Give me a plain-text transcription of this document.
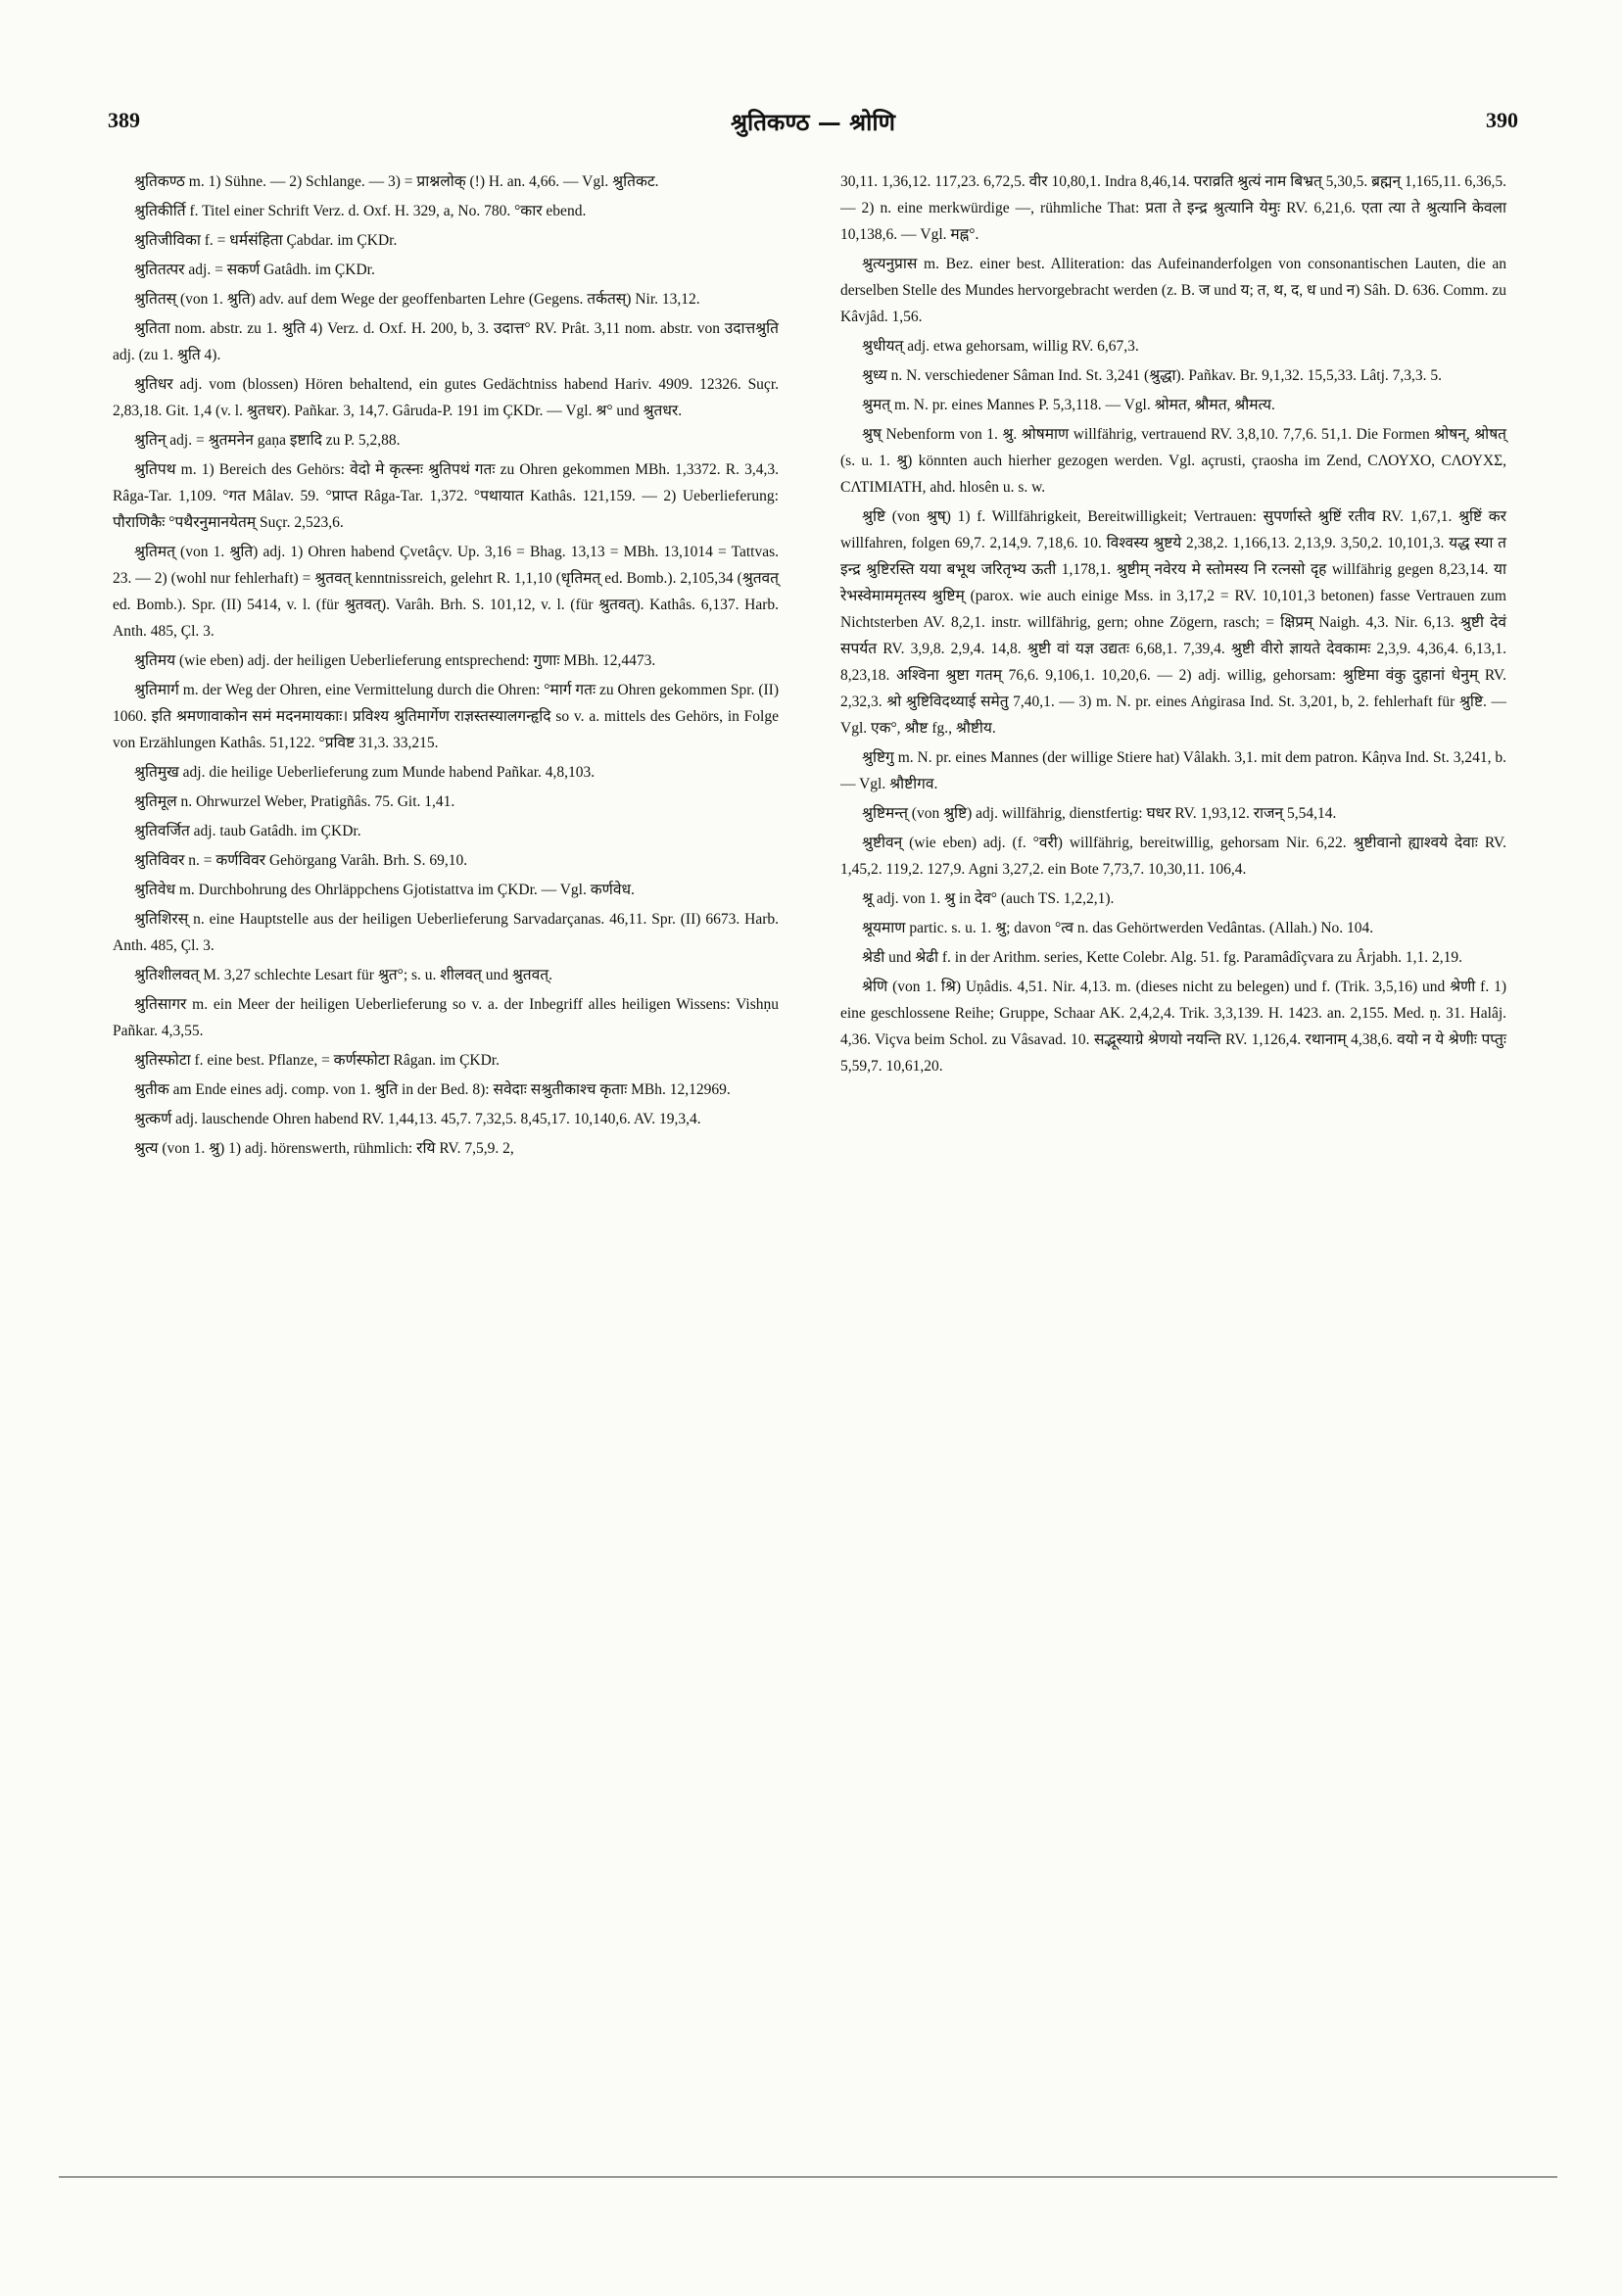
389	श्रुतिकण्ठ — श्रोणि	390

श्रुतिकण्ठ m. 1) Sühne. — 2) Schlange. — 3) = प्राश्नलोक् (!) H. an. 4,66. — Vgl. श्रुतिकट.

श्रुतिकीर्ति f. Titel einer Schrift Verz. d. Oxf. H. 329, a, No. 780. °कार ebend.

श्रुतिजीविका f. = धर्मसंहिता Çabdar. im ÇKDr.

श्रुतितत्पर adj. = सकर्ण Gatâdh. im ÇKDr.

श्रुतितस् (von 1. श्रुति) adv. auf dem Wege der geoffenbarten Lehre (Gegens. तर्कतस्) Nir. 13,12.

श्रुतिता nom. abstr. zu 1. श्रुति 4) Verz. d. Oxf. H. 200, b, 3. उदात्त° RV. Prât. 3,11 nom. abstr. von उदात्तश्रुति adj. (zu 1. श्रुति 4).

श्रुतिधर adj. vom (blossen) Hören behaltend, ein gutes Gedächtniss habend Hariv. 4909. 12326. Suçr. 2,83,18. Git. 1,4 (v. l. श्रुतधर). Pañkar. 3, 14,7. Gâruda-P. 191 im ÇKDr. — Vgl. श्र° und श्रुतधर.

श्रुतिन् adj. = श्रुतमनेन gaṇa इष्टादि zu P. 5,2,88.

श्रुतिपथ m. 1) Bereich des Gehörs: वेदो मे कृत्स्नः श्रुतिपथं गतः zu Ohren gekommen MBh. 1,3372. R. 3,4,3. Râga-Tar. 1,109. °गत Mâlav. 59. °प्राप्त Râga-Tar. 1,372. °पथायात Kathâs. 121,159. — 2) Ueberlieferung: पौराणिकैः °पथैरनुमानयेतम् Suçr. 2,523,6.

श्रुतिमत् (von 1. श्रुति) adj. 1) Ohren habend Çvetâçv. Up. 3,16 = Bhag. 13,13 = MBh. 13,1014 = Tattvas. 23. — 2) (wohl nur fehlerhaft) = श्रुतवत् kenntnissreich, gelehrt R. 1,1,10 (धृतिमत् ed. Bomb.). 2,105,34 (श्रुतवत् ed. Bomb.). Spr. (II) 5414, v. l. (für श्रुतवत्). Varâh. Brh. S. 101,12, v. l. (für श्रुतवत्). Kathâs. 6,137. Harb. Anth. 485, Çl. 3.

श्रुतिमय (wie eben) adj. der heiligen Ueberlieferung entsprechend: गुणाः MBh. 12,4473.

श्रुतिमार्ग m. der Weg der Ohren, eine Vermittelung durch die Ohren: °मार्ग गतः zu Ohren gekommen Spr. (II) 1060. इति श्रमणावाकोन समं मदनमायकाः। प्रविश्य श्रुतिमार्गेण राज्ञस्तस्यालगन्हृदि so v. a. mittels des Gehörs, in Folge von Erzählungen Kathâs. 51,122. °प्रविष्ट 31,3. 33,215.

श्रुतिमुख adj. die heilige Ueberlieferung zum Munde habend Pañkar. 4,8,103.

श्रुतिमूल n. Ohrwurzel Weber, Pratigñâs. 75. Git. 1,41.

श्रुतिवर्जित adj. taub Gatâdh. im ÇKDr.

श्रुतिविवर n. = कर्णविवर Gehörgang Varâh. Brh. S. 69,10.

श्रुतिवेध m. Durchbohrung des Ohrläppchens Gjotistattva im ÇKDr. — Vgl. कर्णवेध.

श्रुतिशिरस् n. eine Hauptstelle aus der heiligen Ueberlieferung Sarvadarçanas. 46,11. Spr. (II) 6673. Harb. Anth. 485, Çl. 3.

श्रुतिशीलवत् M. 3,27 schlechte Lesart für श्रुत°; s. u. शीलवत् und श्रुतवत्.

श्रुतिसागर m. ein Meer der heiligen Ueberlieferung so v. a. der Inbegriff alles heiligen Wissens: Vishṇu Pañkar. 4,3,55.

श्रुतिस्फोटा f. eine best. Pflanze, = कर्णस्फोटा Râgan. im ÇKDr.

श्रुतीक am Ende eines adj. comp. von 1. श्रुति in der Bed. 8): सवेदाः सश्रुतीकाश्च कृताः MBh. 12,12969.

श्रुत्कर्ण adj. lauschende Ohren habend RV. 1,44,13. 45,7. 7,32,5. 8,45,17. 10,140,6. AV. 19,3,4.

श्रुत्य (von 1. श्रु) 1) adj. hörenswerth, rühmlich: रयि RV. 7,5,9. 2,

30,11. 1,36,12. 117,23. 6,72,5. वीर 10,80,1. Indra 8,46,14. पराव्रति श्रुत्यं नाम बिभ्रत् 5,30,5. ब्रह्मन् 1,165,11. 6,36,5. — 2) n. eine merkwürdige —, rühmliche That: प्रता ते इन्द्र श्रुत्यानि येमुः RV. 6,21,6. एता त्या ते श्रुत्यानि केवला 10,138,6. — Vgl. मह्न°.

श्रुत्यनुप्रास m. Bez. einer best. Alliteration: das Aufeinanderfolgen von consonantischen Lauten, die an derselben Stelle des Mundes hervorgebracht werden (z. B. ज und य; त, थ, द, ध und न) Sâh. D. 636. Comm. zu Kâvjâd. 1,56.

श्रुधीयत् adj. etwa gehorsam, willig RV. 6,67,3.

श्रुध्य n. N. verschiedener Sâman Ind. St. 3,241 (श्रुद्धा). Pañkav. Br. 9,1,32. 15,5,33. Lâtj. 7,3,3. 5.

श्रुमत् m. N. pr. eines Mannes P. 5,3,118. — Vgl. श्रोमत, श्रौमत, श्रौमत्य.

श्रुष् Nebenform von 1. श्रु. श्रोषमाण willfährig, vertrauend RV. 3,8,10. 7,7,6. 51,1. Die Formen श्रोषन्, श्रोषत् (s. u. 1. श्रु) könnten auch hierher gezogen werden. Vgl. açrusti, çraosha im Zend, ϹΛΟΥΧΟ, ϹΛΟΥΧΣ, ϹΛΤΙΜΙΑΤΗ, ahd. hlosên u. s. w.

श्रुष्टि (von श्रुष्) 1) f. Willfährigkeit, Bereitwilligkeit; Vertrauen: सुपर्णास्ते श्रुष्टिं रतीव RV. 1,67,1. श्रुष्टिं कर willfahren, folgen 69,7. 2,14,9. 7,18,6. 10. विश्वस्य श्रुष्टये 2,38,2. 1,166,13. 2,13,9. 3,50,2. 10,101,3. यद्ध स्या त इन्द्र श्रुष्टिरस्ति यया बभूथ जरितृभ्य ऊती 1,178,1. श्रुष्टीम् नवेरय मे स्तोमस्य नि रत्नसो दृह willfährig gegen 8,23,14. या रेभस्वेमाममृतस्य श्रुष्टिम् (parox. wie auch einige Mss. in 3,17,2 = RV. 10,101,3 betonen) fasse Vertrauen zum Nichtsterben AV. 8,2,1. instr. willfährig, gern; ohne Zögern, rasch; = क्षिप्रम् Naigh. 4,3. Nir. 6,13. श्रुष्टी देवं सपर्यत RV. 3,9,8. 2,9,4. 14,8. श्रुष्टी वां यज्ञ उद्यतः 6,68,1. 7,39,4. श्रुष्टी वीरो ज्ञायते देवकामः 2,3,9. 4,36,4. 6,13,1. 8,23,18. अश्विना श्रुष्टा गतम् 76,6. 9,106,1. 10,20,6. — 2) adj. willig, gehorsam: श्रुष्टिमा वंकु दुहानां धेनुम् RV. 2,32,3. श्रो श्रुष्टिविदथ्याई समेतु 7,40,1. — 3) m. N. pr. eines Aṅgirasa Ind. St. 3,201, b, 2. fehlerhaft für श्रुष्टि. — Vgl. एक°, श्रौष्ट fg., श्रौष्टीय.

श्रुष्टिगु m. N. pr. eines Mannes (der willige Stiere hat) Vâlakh. 3,1. mit dem patron. Kâṇva Ind. St. 3,241, b. — Vgl. श्रौष्टीगव.

श्रुष्टिमन्त् (von श्रुष्टि) adj. willfährig, dienstfertig: घधर RV. 1,93,12. राजन् 5,54,14.

श्रुष्टीवन् (wie eben) adj. (f. °वरी) willfährig, bereitwillig, gehorsam Nir. 6,22. श्रुष्टीवानो ह्याश्वये देवाः RV. 1,45,2. 119,2. 127,9. Agni 3,27,2. ein Bote 7,73,7. 10,30,11. 106,4.

श्रू adj. von 1. श्रु in देव° (auch TS. 1,2,2,1).

श्रूयमाण partic. s. u. 1. श्रु; davon °त्व n. das Gehörtwerden Vedântas. (Allah.) No. 104.

श्रेडी und श्रेढी f. in der Arithm. series, Kette Colebr. Alg. 51. fg. Paramâdîçvara zu Ârjabh. 1,1. 2,19.

श्रेणि (von 1. श्रि) Uṇâdis. 4,51. Nir. 4,13. m. (dieses nicht zu belegen) und f. (Trik. 3,5,16) und श्रेणी f. 1) eine geschlossene Reihe; Gruppe, Schaar AK. 2,4,2,4. Trik. 3,3,139. H. 1423. an. 2,155. Med. ṇ. 31. Halâj. 4,36. Viçva beim Schol. zu Vâsavad. 10. सद्भूस्याग्रे श्रेणयो नयन्ति RV. 1,126,4. रथानाम् 4,38,6. वयो न ये श्रेणीः पप्तुः 5,59,7. 10,61,20.
